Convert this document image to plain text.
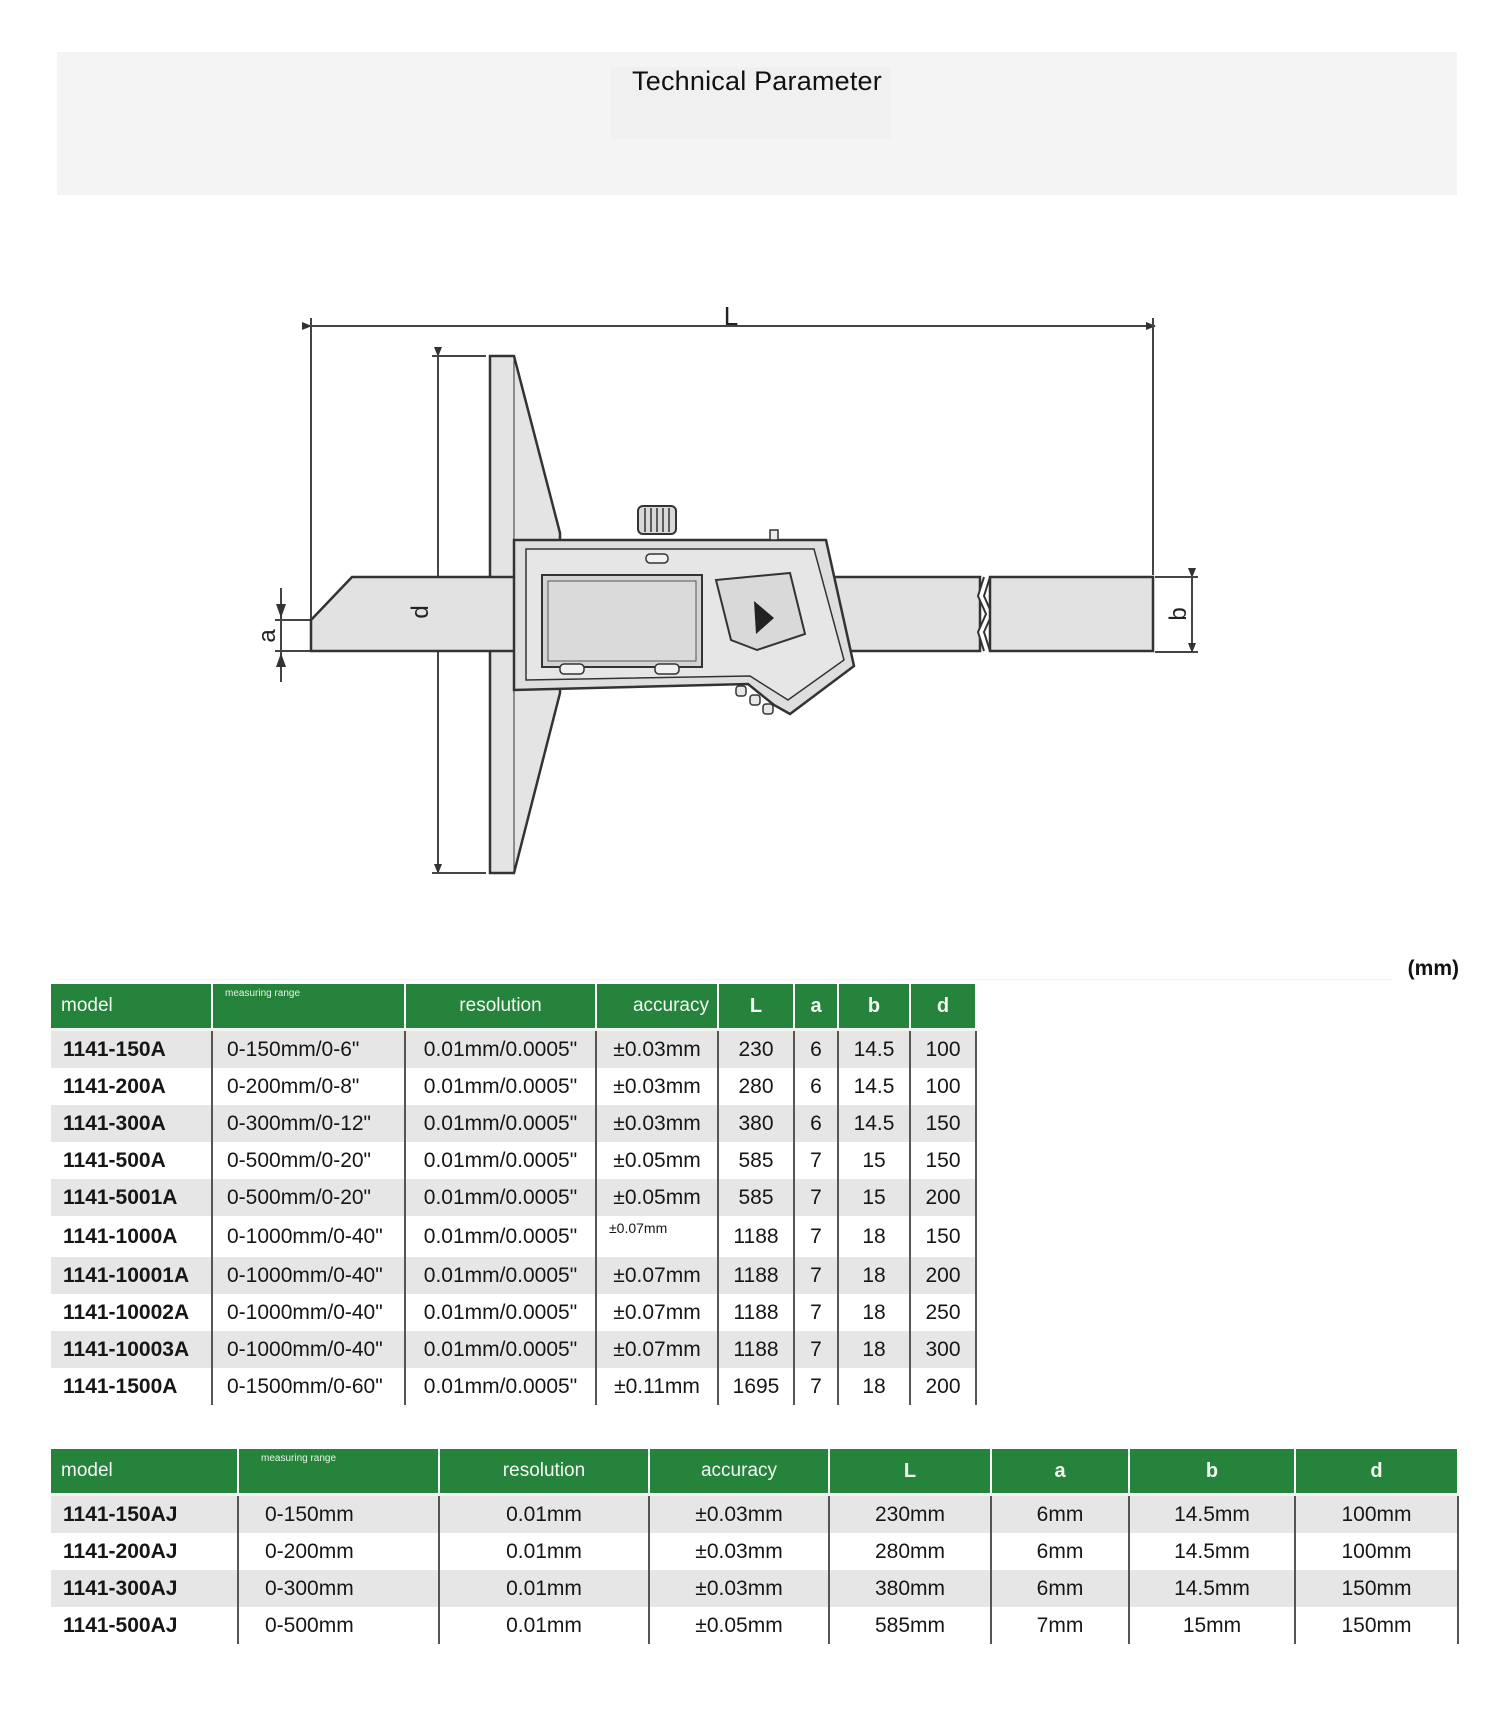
Technical Parameter
L
d
a
b
(mm)
model	measuring range	resolution	accuracy	L	a	b	d
1141-150A	0-150mm/0-6"	0.01mm/0.0005"	±0.03mm	230	6	14.5	100
1141-200A	0-200mm/0-8"	0.01mm/0.0005"	±0.03mm	280	6	14.5	100
1141-300A	0-300mm/0-12"	0.01mm/0.0005"	±0.03mm	380	6	14.5	150
1141-500A	0-500mm/0-20"	0.01mm/0.0005"	±0.05mm	585	7	15	150
1141-5001A	0-500mm/0-20"	0.01mm/0.0005"	±0.05mm	585	7	15	200
1141-1000A	0-1000mm/0-40"	0.01mm/0.0005"	±0.07mm	1188	7	18	150
1141-10001A	0-1000mm/0-40"	0.01mm/0.0005"	±0.07mm	1188	7	18	200
1141-10002A	0-1000mm/0-40"	0.01mm/0.0005"	±0.07mm	1188	7	18	250
1141-10003A	0-1000mm/0-40"	0.01mm/0.0005"	±0.07mm	1188	7	18	300
1141-1500A	0-1500mm/0-60"	0.01mm/0.0005"	±0.11mm	1695	7	18	200
model	measuring range	resolution	accuracy	L	a	b	d
1141-150AJ	0-150mm	0.01mm	±0.03mm	230mm	6mm	14.5mm	100mm
1141-200AJ	0-200mm	0.01mm	±0.03mm	280mm	6mm	14.5mm	100mm
1141-300AJ	0-300mm	0.01mm	±0.03mm	380mm	6mm	14.5mm	150mm
1141-500AJ	0-500mm	0.01mm	±0.05mm	585mm	7mm	15mm	150mm
